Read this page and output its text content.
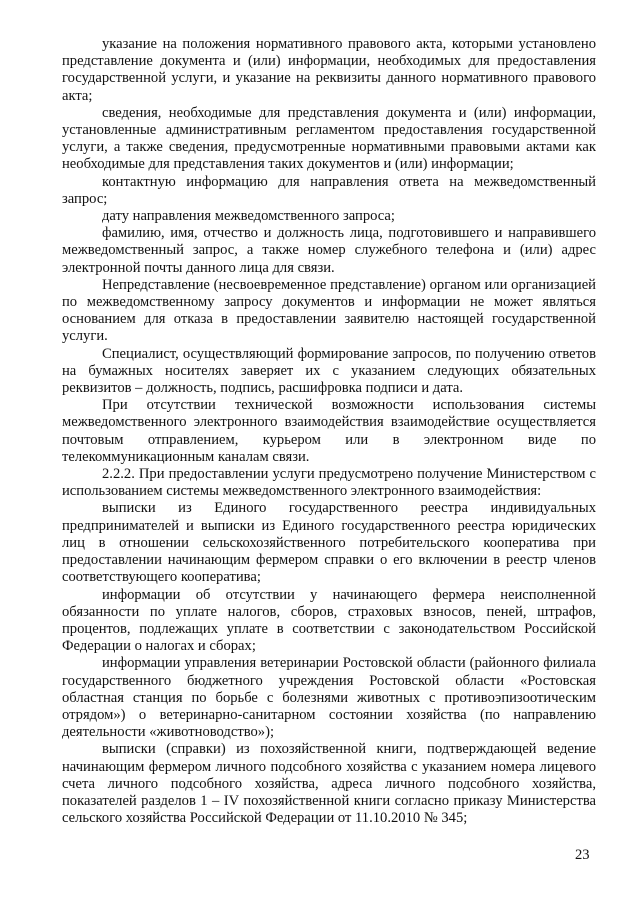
указание на положения нормативного правового акта, которыми установлено представление документа и (или) информации, необходимых для предоставления государственной услуги, и указание на реквизиты данного нормативного правового акта;

сведения, необходимые для представления документа и (или) информации, установленные административным регламентом предоставления государственной услуги, а также сведения, предусмотренные нормативными правовыми актами как необходимые для представления таких документов и (или) информации;

контактную информацию для направления ответа на межведомственный запрос;

дату направления межведомственного запроса;

фамилию, имя, отчество и должность лица, подготовившего и направившего межведомственный запрос, а также номер служебного телефона и (или) адрес электронной почты данного лица для связи.

Непредставление (несвоевременное представление) органом или организацией по межведомственному запросу документов и информации не может являться основанием для отказа в предоставлении заявителю настоящей государственной услуги.

Специалист, осуществляющий формирование запросов, по получению ответов на бумажных носителях заверяет их с указанием следующих обязательных реквизитов – должность, подпись, расшифровка подписи и дата.

При отсутствии технической возможности использования системы межведомственного электронного взаимодействия взаимодействие осуществляется почтовым отправлением, курьером или в электронном виде по телекоммуникационным каналам связи.

2.2.2. При предоставлении услуги предусмотрено получение Министерством с использованием системы межведомственного электронного взаимодействия:

выписки из Единого государственного реестра индивидуальных предпринимателей и выписки из Единого государственного реестра юридических лиц в отношении сельскохозяйственного потребительского кооператива при предоставлении начинающим фермером справки о его включении в реестр членов соответствующего кооператива;

информации об отсутствии у начинающего фермера неисполненной обязанности по уплате налогов, сборов, страховых взносов, пеней, штрафов, процентов, подлежащих уплате в соответствии с законодательством Российской Федерации о налогах и сборах;

информации управления ветеринарии Ростовской области (районного филиала государственного бюджетного учреждения Ростовской области «Ростовская областная станция по борьбе с болезнями животных с противоэпизоотическим отрядом») о ветеринарно-санитарном состоянии хозяйства (по направлению деятельности «животноводство»);

выписки (справки) из похозяйственной книги, подтверждающей ведение начинающим фермером личного подсобного хозяйства с указанием номера лицевого счета личного подсобного хозяйства, адреса личного подсобного хозяйства, показателей разделов 1 – IV похозяйственной книги согласно приказу Министерства сельского хозяйства Российской Федерации от 11.10.2010 № 345;

23
